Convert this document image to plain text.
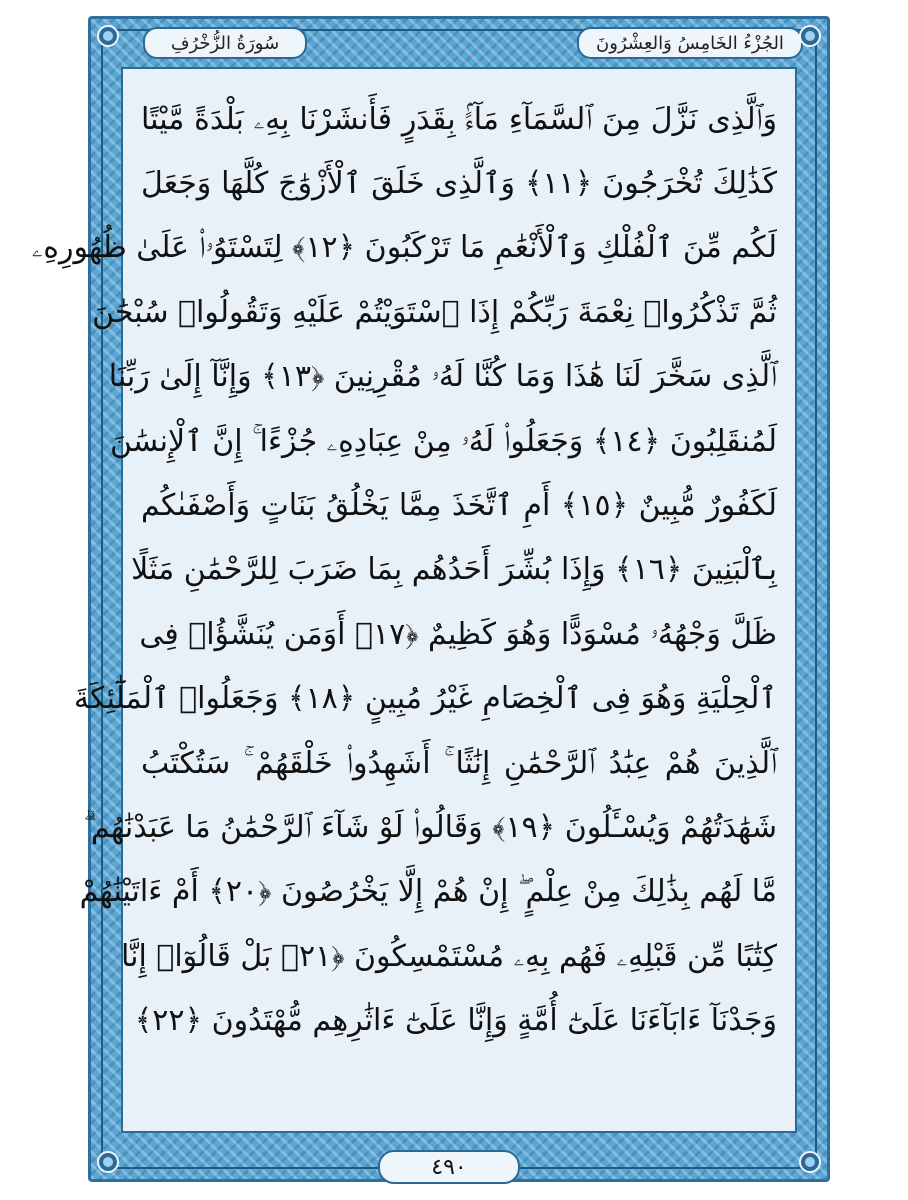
الجُزْءُ الخَامِسُ وَالعِشْرُونَ
سُورَةُ الزُّخْرُفِ
وَٱلَّذِى نَزَّلَ مِنَ ٱلسَّمَآءِ مَآءًۢ بِقَدَرٍ فَأَنشَرْنَا بِهِۦ بَلْدَةً مَّيْتًا
كَذَٰلِكَ تُخْرَجُونَ ﴿١١﴾ وَٱلَّذِى خَلَقَ ٱلْأَزْوَٰجَ كُلَّهَا وَجَعَلَ
لَكُم مِّنَ ٱلْفُلْكِ وَٱلْأَنْعَٰمِ مَا تَرْكَبُونَ ﴿١٢﴾ لِتَسْتَوُۥا۟ عَلَىٰ ظُهُورِهِۦ
ثُمَّ تَذْكُرُوا۟ نِعْمَةَ رَبِّكُمْ إِذَا ٱسْتَوَيْتُمْ عَلَيْهِ وَتَقُولُوا۟ سُبْحَٰنَ
ٱلَّذِى سَخَّرَ لَنَا هَٰذَا وَمَا كُنَّا لَهُۥ مُقْرِنِينَ ﴿١٣﴾ وَإِنَّآ إِلَىٰ رَبِّنَا
لَمُنقَلِبُونَ ﴿١٤﴾ وَجَعَلُوا۟ لَهُۥ مِنْ عِبَادِهِۦ جُزْءًا ۚ إِنَّ ٱلْإِنسَٰنَ
لَكَفُورٌ مُّبِينٌ ﴿١٥﴾ أَمِ ٱتَّخَذَ مِمَّا يَخْلُقُ بَنَاتٍ وَأَصْفَىٰكُم
بِٱلْبَنِينَ ﴿١٦﴾ وَإِذَا بُشِّرَ أَحَدُهُم بِمَا ضَرَبَ لِلرَّحْمَٰنِ مَثَلًا
ظَلَّ وَجْهُهُۥ مُسْوَدًّا وَهُوَ كَظِيمٌ ﴿١٧﴾ أَوَمَن يُنَشَّؤُا۟ فِى
ٱلْحِلْيَةِ وَهُوَ فِى ٱلْخِصَامِ غَيْرُ مُبِينٍ ﴿١٨﴾ وَجَعَلُوا۟ ٱلْمَلَٰٓئِكَةَ
ٱلَّذِينَ هُمْ عِبَٰدُ ٱلرَّحْمَٰنِ إِنَٰثًا ۚ أَشَهِدُوا۟ خَلْقَهُمْ ۚ سَتُكْتَبُ
شَهَٰدَتُهُمْ وَيُسْـَٔلُونَ ﴿١٩﴾ وَقَالُوا۟ لَوْ شَآءَ ٱلرَّحْمَٰنُ مَا عَبَدْنَٰهُم ۗ
مَّا لَهُم بِذَٰلِكَ مِنْ عِلْمٍ ۖ إِنْ هُمْ إِلَّا يَخْرُصُونَ ﴿٢٠﴾ أَمْ ءَاتَيْنَٰهُمْ
كِتَٰبًا مِّن قَبْلِهِۦ فَهُم بِهِۦ مُسْتَمْسِكُونَ ﴿٢١﴾ بَلْ قَالُوٓا۟ إِنَّا
وَجَدْنَآ ءَابَآءَنَا عَلَىٰٓ أُمَّةٍ وَإِنَّا عَلَىٰٓ ءَاثَٰرِهِم مُّهْتَدُونَ ﴿٢٢﴾
٤٩٠
